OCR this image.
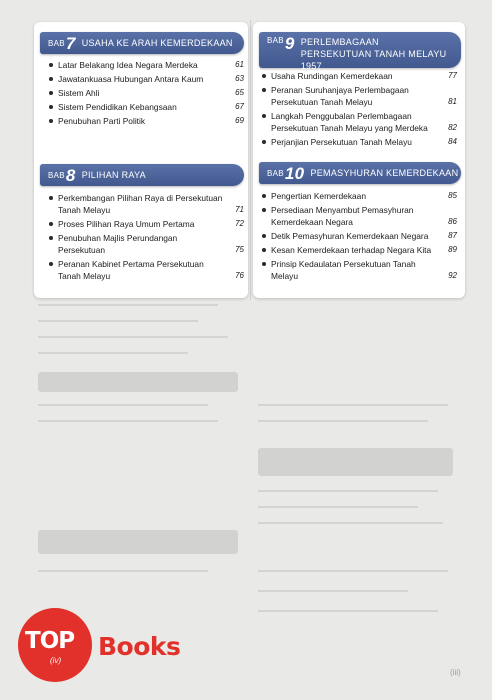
BAB 7 USAHA KE ARAH KEMERDEKAAN
Latar Belakang Idea Negara Merdeka	61
Jawatankuasa Hubungan Antara Kaum	63
Sistem Ahli	65
Sistem Pendidikan Kebangsaan	67
Penubuhan Parti Politik	69
BAB 8 PILIHAN RAYA
Perkembangan Pilihan Raya di Persekutuan Tanah Melayu	71
Proses Pilihan Raya Umum Pertama	72
Penubuhan Majlis Perundangan Persekutuan	75
Peranan Kabinet Pertama Persekutuan Tanah Melayu	76
BAB 9 PERLEMBAGAAN PERSEKUTUAN TANAH MELAYU 1957
Usaha Rundingan Kemerdekaan	77
Peranan Suruhanjaya Perlembagaan Persekutuan Tanah Melayu	81
Langkah Penggubalan Perlembagaan Persekutuan Tanah Melayu yang Merdeka	82
Perjanjian Persekutuan Tanah Melayu	84
BAB 10 PEMASYHURAN KEMERDEKAAN
Pengertian Kemerdekaan	85
Persediaan Menyambut Pemasyhuran Kemerdekaan Negara	86
Detik Pemasyhuran Kemerdekaan Negara 87
Kesan Kemerdekaan terhadap Negara Kita 89
Prinsip Kedaulatan Persekutuan Tanah Melayu	92
TOP
(iv) Books
(iii)
